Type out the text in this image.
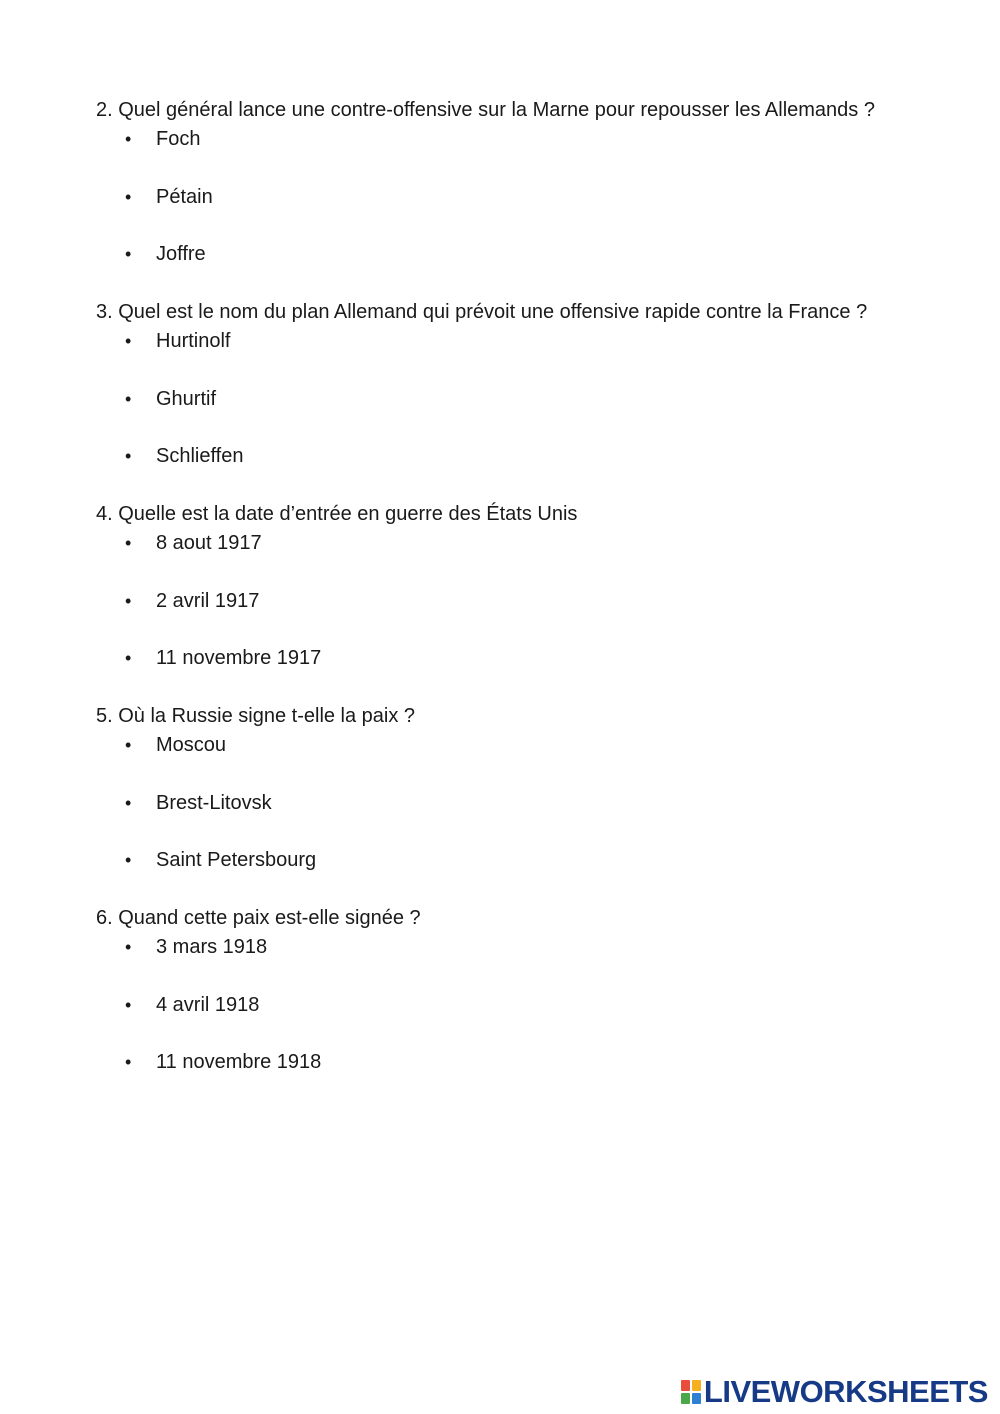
2. Quel général lance une contre-offensive sur la Marne pour repousser les Allemands ?

• Foch
• Pétain
• Joffre

3. Quel est le nom du plan Allemand qui prévoit une offensive rapide contre la France ?

• Hurtinolf
• Ghurtif
• Schlieffen

4. Quelle est la date d’entrée en guerre des États Unis

• 8 aout 1917
• 2 avril 1917
• 11 novembre 1917

5. Où la Russie signe t-elle la paix ?

• Moscou
• Brest-Litovsk
• Saint Petersbourg

6. Quand cette paix est-elle signée ?

• 3 mars 1918
• 4 avril 1918
• 11 novembre 1918
LIVEWORKSHEETS
